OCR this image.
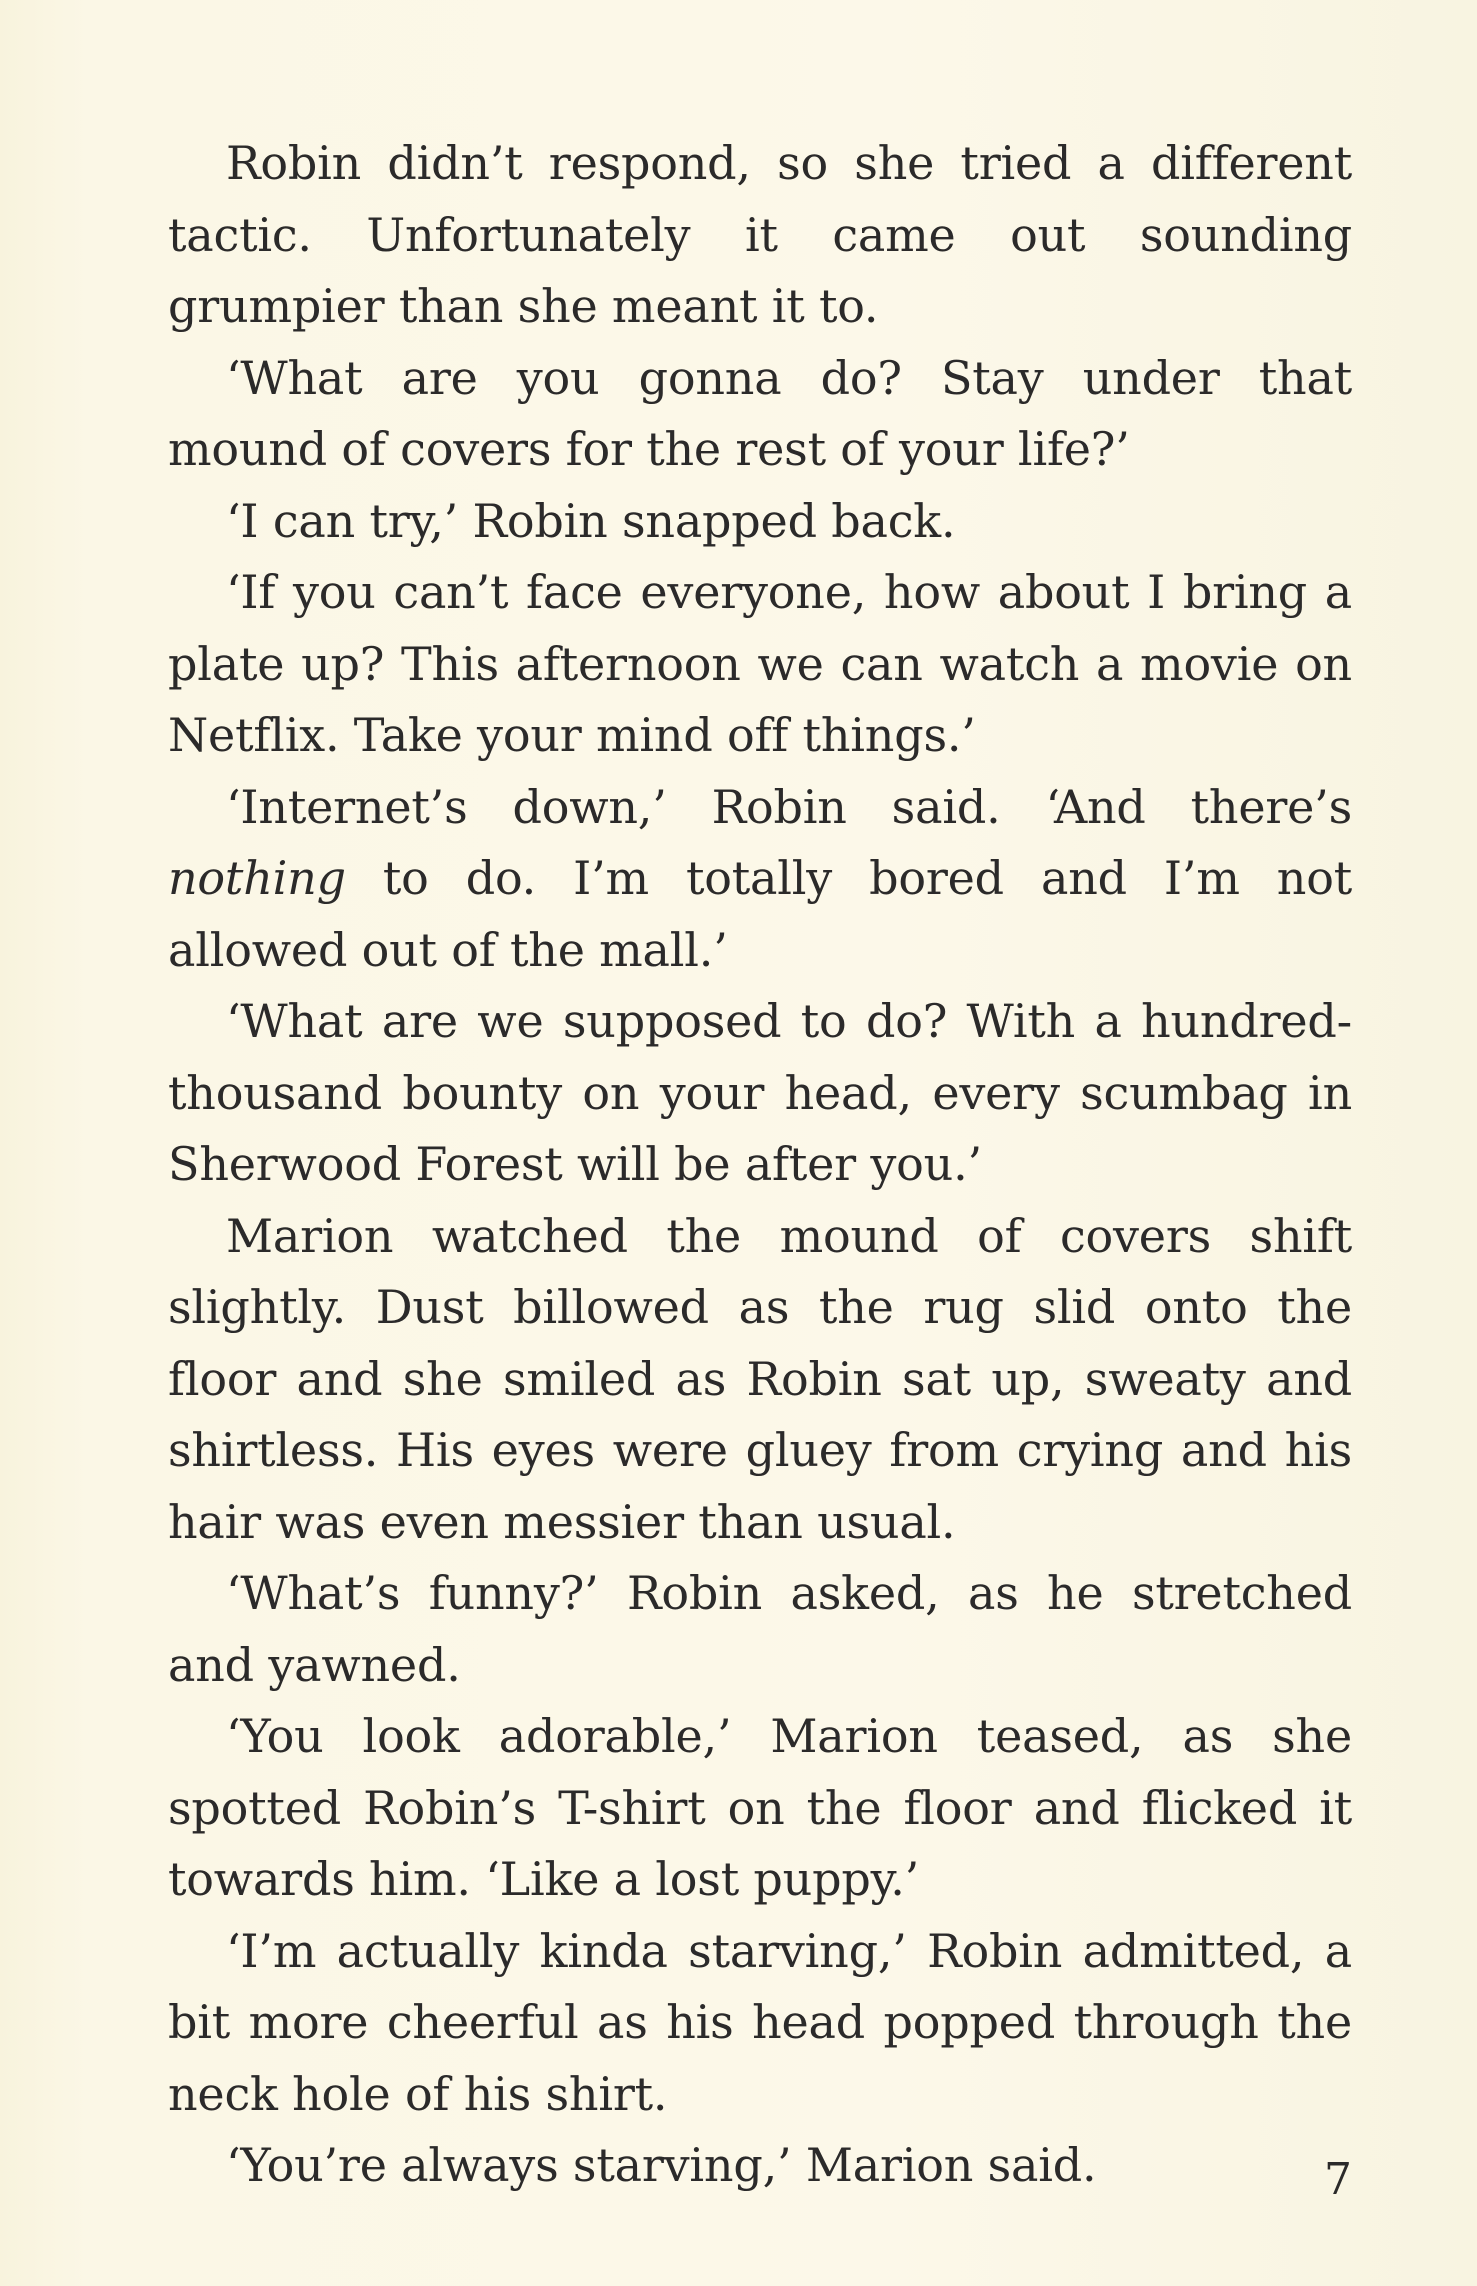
Robin didn’t respond, so she tried a different tactic. Unfortunately it came out sounding grumpier than she meant it to.

‘What are you gonna do? Stay under that mound of covers for the rest of your life?’

‘I can try,’ Robin snapped back.

‘If you can’t face everyone, how about I bring a plate up? This afternoon we can watch a movie on Netflix. Take your mind off things.’

‘Internet’s down,’ Robin said. ‘And there’s nothing to do. I’m totally bored and I’m not allowed out of the mall.’

‘What are we supposed to do? With a hundred-thousand bounty on your head, every scumbag in Sherwood Forest will be after you.’

Marion watched the mound of covers shift slightly. Dust billowed as the rug slid onto the floor and she smiled as Robin sat up, sweaty and shirtless. His eyes were gluey from crying and his hair was even messier than usual.

‘What’s funny?’ Robin asked, as he stretched and yawned.

‘You look adorable,’ Marion teased, as she spotted Robin’s T-shirt on the floor and flicked it towards him. ‘Like a lost puppy.’

‘I’m actually kinda starving,’ Robin admitted, a bit more cheerful as his head popped through the neck hole of his shirt.

‘You’re always starving,’ Marion said.	7
